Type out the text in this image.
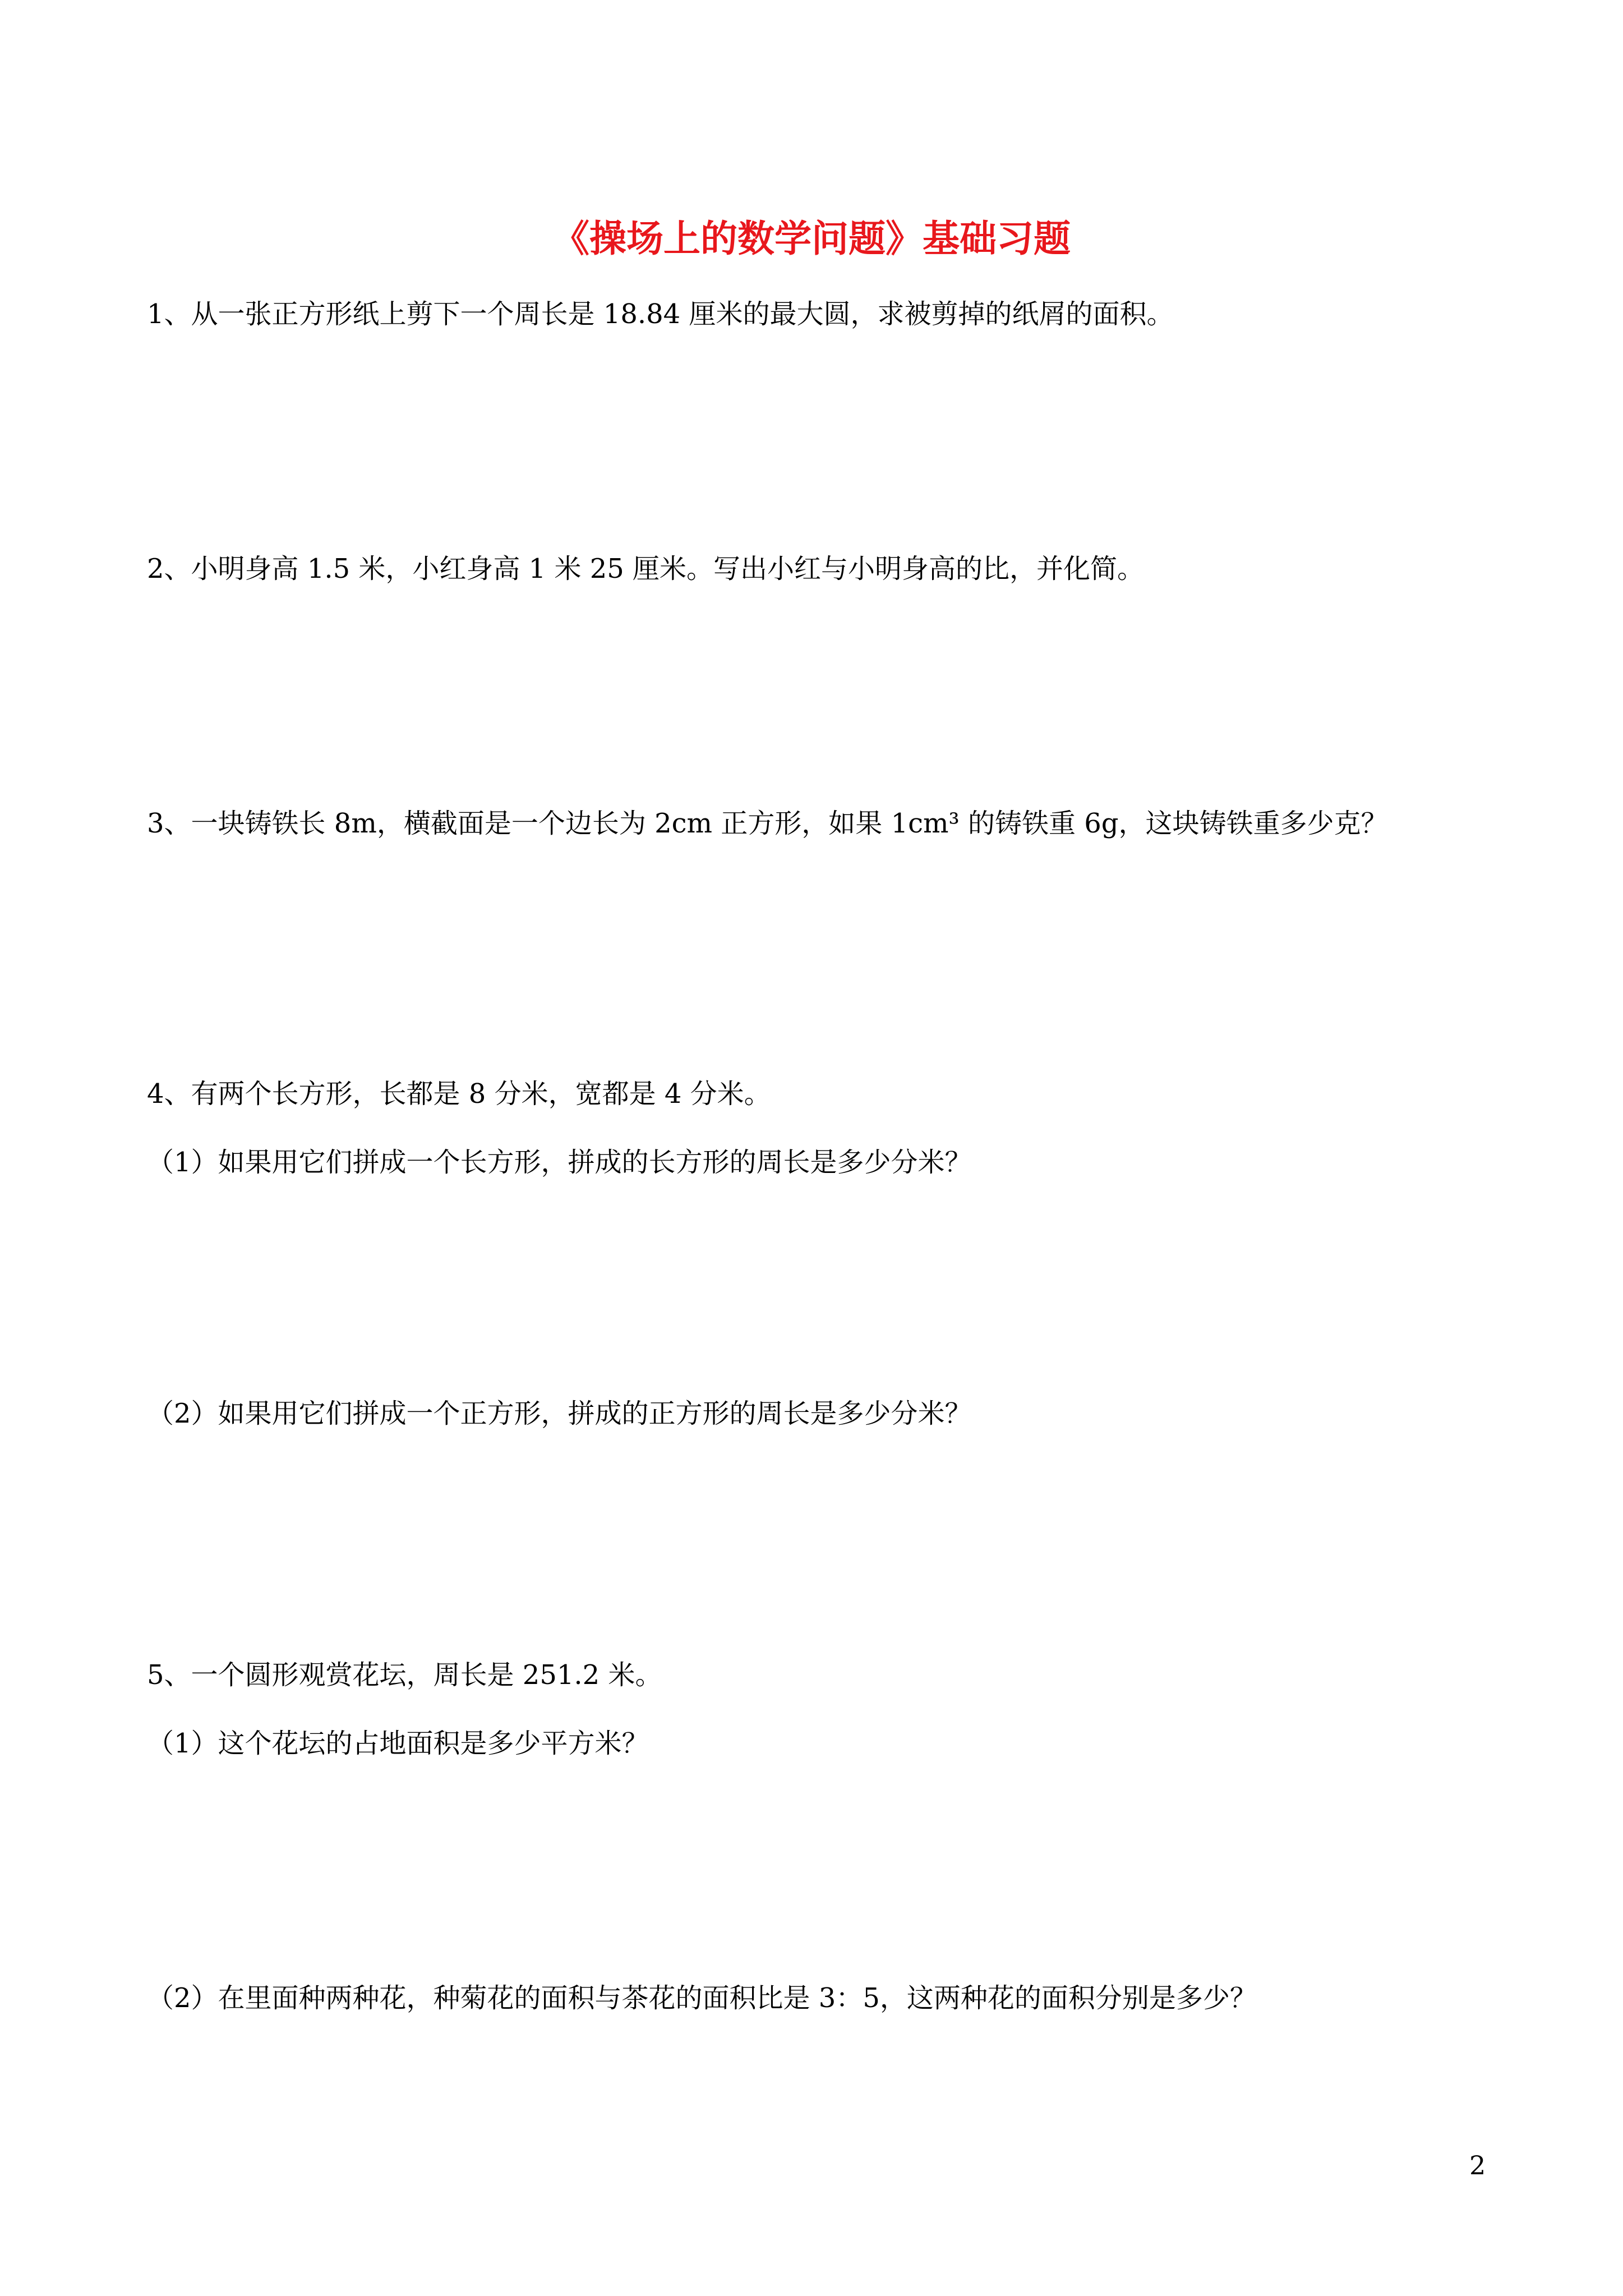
《操场上的数学问题》基础习题
1、从一张正方形纸上剪下一个周长是 18.84 厘米的最大圆，求被剪掉的纸屑的面积。
2、小明身高 1.5 米，小红身高 1 米 25 厘米。写出小红与小明身高的比，并化简。
3、一块铸铁长 8m，横截面是一个边长为 2cm 正方形，如果 1cm³ 的铸铁重 6g，这块铸铁重多少克？
4、有两个长方形，长都是 8 分米，宽都是 4 分米。
（1）如果用它们拼成一个长方形，拼成的长方形的周长是多少分米？
（2）如果用它们拼成一个正方形，拼成的正方形的周长是多少分米？
5、一个圆形观赏花坛，周长是 251.2 米。
（1）这个花坛的占地面积是多少平方米？
（2）在里面种两种花，种菊花的面积与茶花的面积比是 3：5，这两种花的面积分别是多少？
2
